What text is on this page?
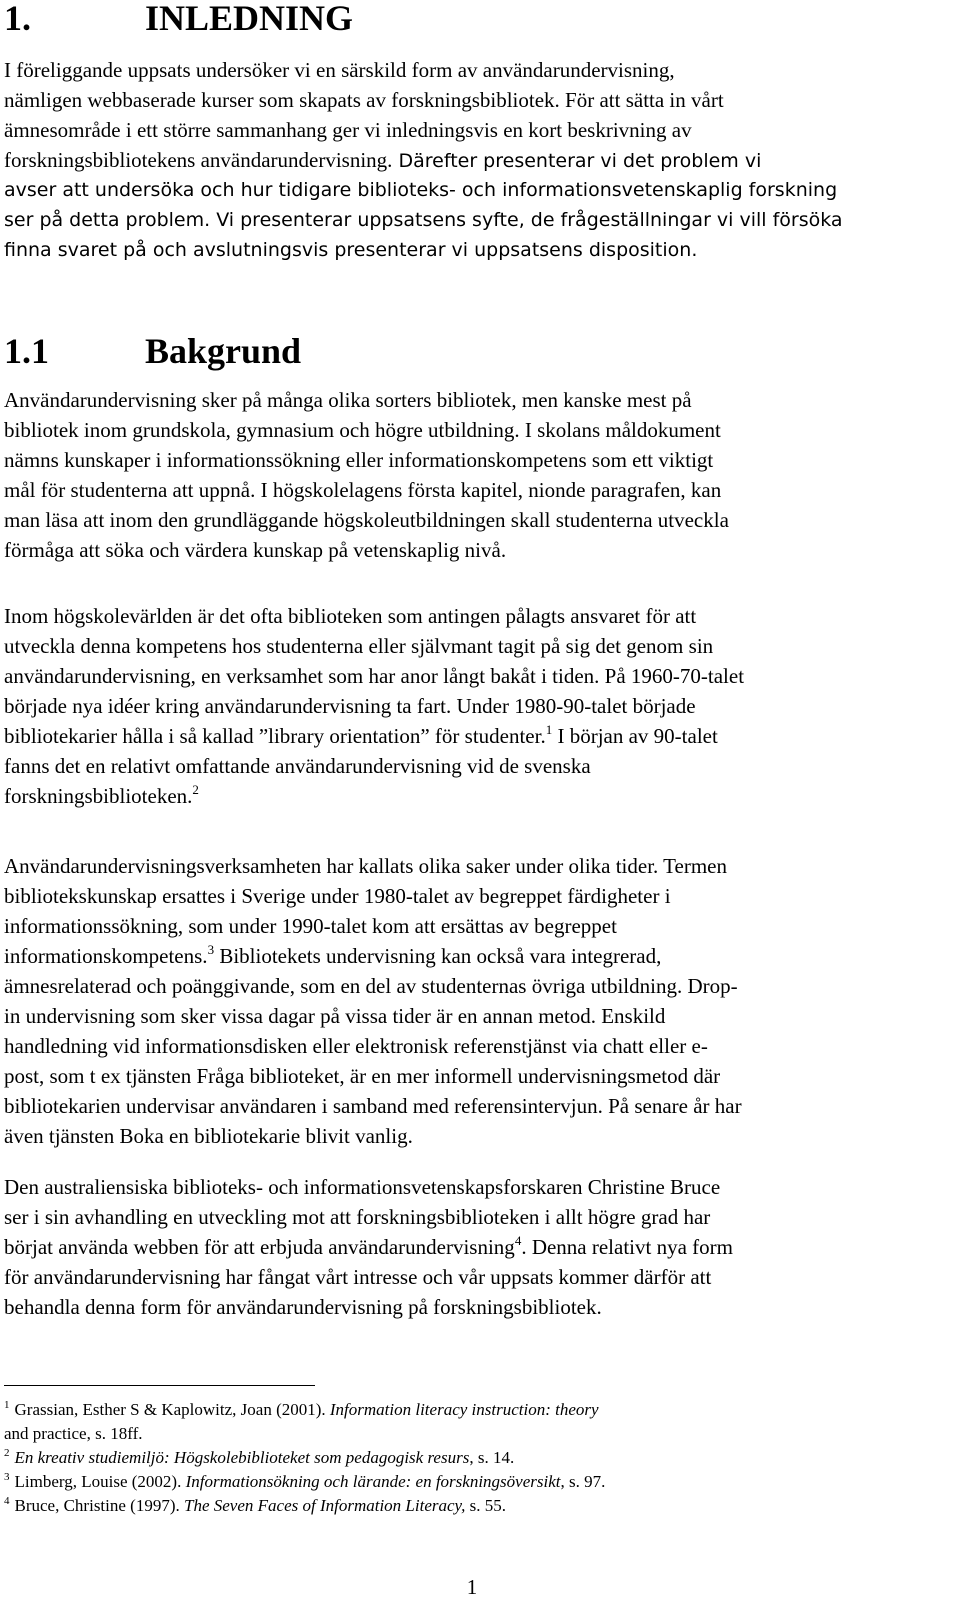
1.	INLEDNING

I föreliggande uppsats undersöker vi en särskild form av användarundervisning,
nämligen webbaserade kurser som skapats av forskningsbibliotek. För att sätta in vårt
ämnesområde i ett större sammanhang ger vi inledningsvis en kort beskrivning av
forskningsbibliotekens användarundervisning. Därefter presenterar vi det problem vi

avser att undersöka och hur tidigare biblioteks- och informationsvetenskaplig forskning
ser på detta problem. Vi presenterar uppsatsens syfte, de frågeställningar vi vill försöka
finna svaret på och avslutningsvis presenterar vi uppsatsens disposition.

1.1	Bakgrund

Användarundervisning sker på många olika sorters bibliotek, men kanske mest på
bibliotek inom grundskola, gymnasium och högre utbildning. I skolans måldokument
nämns kunskaper i informationssökning eller informationskompetens som ett viktigt
mål för studenterna att uppnå. I högskolelagens första kapitel, nionde paragrafen, kan
man läsa att inom den grundläggande högskoleutbildningen skall studenterna utveckla
förmåga att söka och värdera kunskap på vetenskaplig nivå.

Inom högskolevärlden är det ofta biblioteken som antingen pålagts ansvaret för att
utveckla denna kompetens hos studenterna eller självmant tagit på sig det genom sin
användarundervisning, en verksamhet som har anor långt bakåt i tiden. På 1960-70-talet
började nya idéer kring användarundervisning ta fart. Under 1980-90-talet började
bibliotekarier hålla i så kallad ”library orientation” för studenter.$^1$ I början av 90-talet
fanns det en relativt omfattande användarundervisning vid de svenska
forskningsbiblioteken.$^2$

Användarundervisningsverksamheten har kallats olika saker under olika tider. Termen
bibliotekskunskap ersattes i Sverige under 1980-talet av begreppet färdigheter i
informationssökning, som under 1990-talet kom att ersättas av begreppet
informationskompetens.$^3$ Bibliotekets undervisning kan också vara integrerad,
ämnesrelaterad och poänggivande, som en del av studenternas övriga utbildning. Drop-
in undervisning som sker vissa dagar på vissa tider är en annan metod. Enskild
handledning vid informationsdisken eller elektronisk referenstjänst via chatt eller e-
post, som t ex tjänsten Fråga biblioteket, är en mer informell undervisningsmetod där
bibliotekarien undervisar användaren i samband med referensintervjun. På senare år har
även tjänsten Boka en bibliotekarie blivit vanlig.

Den australiensiska biblioteks- och informationsvetenskapsforskaren Christine Bruce
ser i sin avhandling en utveckling mot att forskningsbiblioteken i allt högre grad har
börjat använda webben för att erbjuda användarundervisning$^4$. Denna relativt nya form
för användarundervisning har fångat vårt intresse och vår uppsats kommer därför att
behandla denna form för användarundervisning på forskningsbibliotek.

$^1$ Grassian, Esther S & Kaplowitz, Joan (2001). Information literacy instruction: theory
and practice, s. 18ff.
$^2$ En kreativ studiemiljö: Högskolebiblioteket som pedagogisk resurs, s. 14.
$^3$ Limberg, Louise (2002). Informationsökning och lärande: en forskningsöversikt, s. 97.
$^4$ Bruce, Christine (1997). The Seven Faces of Information Literacy, s. 55.
1
